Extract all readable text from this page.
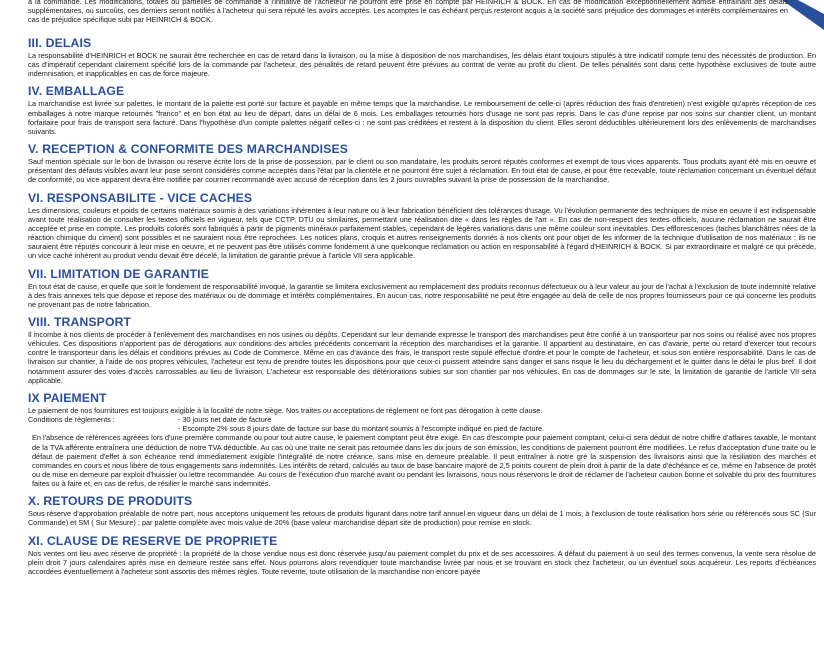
à la commande. Les modifications, totales ou partielles de commande à l'initiative de l'acheteur ne pourront être prise en compte par HEINRICH & BOCK. En cas de modification exceptionnellement admise entraînant des délais supplémentaires, ou surcoûts, ces derniers seront notifiés à l'acheteur qui sera réputé les avoirs acceptés. Les acomptes le cas échéant perçus resteront acquis à la société sans préjudice des dommages et intérêts complémentaires en cas de préjudice spécifique subi par HEINRICH & BOCK.

III. DELAIS

La responsabilité d'HEINRICH et BOCK ne saurait être recherchée en cas de retard dans la livraison, ou la mise à disposition de nos marchandises, les délais étant toujours stipulés à titre indicatif compte tenu des nécessités de production. En cas d'impératif cependant clairement spécifié lors de la commande par l'acheteur, des pénalités de retard peuvent être prévues au contrat de vente au profit du client. De telles pénalités sont dans cette hypothèse exclusives de toute autre indemnisation, et inapplicables en cas de force majeure.

IV. EMBALLAGE

La marchandise est livrée sur palettes, le montant de la palette est porté sur facture et payable en même temps que la marchandise. Le remboursement de celle-ci (après réduction des frais d'entretien) n'est exigible qu'après réception de ces emballages à notre marque retournés "franco" et en bon état au lieu de départ, dans un délai de 6 mois. Les emballages retournés hors d'usage ne sont pas repris. Dans le cas d'une reprise par nos soins sur chantier client, un montant forfaitaire pour frais de transport sera facturé. Dans l'hypothèse d'un compte palettes négatif celles-ci : ne sont pas créditées et restent à la disposition du client. Elles seront déductibles ultérieurement lors des enlèvements de marchandises suivants.

V. RECEPTION & CONFORMITE DES MARCHANDISES

Sauf mention spéciale sur le bon de livraison ou réserve écrite lors de la prise de possession, par le client ou son mandataire, les produits seront réputés conformes et exempt de tous vices apparents. Tous produits ayant été mis en oeuvre et présentant des défauts visibles avant leur pose seront considérés comme acceptés dans l'état par la clientèle et ne pourront être sujet à réclamation. En tout état de cause, et pour être recevable, toute réclamation concernant un éventuel défaut de conformité, ou vice apparent devra être notifiée par courrier recommandé avec accusé de réception dans les 2 jours ouvrables suivant la prise de possession de la marchandise.

VI. RESPONSABILITE - VICE CACHES

Les dimensions, couleurs et poids de certains matériaux soumis à des variations inhérentes à leur nature ou à leur fabrication bénéficient des tolérances d'usage. Vu l'évolution permanente des techniques de mise en oeuvre il est indispensable avant toute réalisation de consulter les textes officiels en vigueur, tels que CCTP, DTU ou similaires, permettant une réalisation dite « dans les règles de l'art ». En cas de non-respect des textes officiels, aucune réclamation ne saurait être acceptée et prise en compte. Les produits colorés sont fabriqués à partir de pigments minéraux parfaitement stables, cependant de légères variations dans une même couleur sont inévitables. Des efflorescences (taches blanchâtres nées de la réaction chimique du ciment) sont possibles et ne sauraient nous être reprochées. Les notices plans, croquis et autres renseignements donnés à nos clients ont pour objet de les informer de la technique d'utilisation de nos matériaux : ils ne sauraient être réputés concourir à leur mise en oeuvre, et ne peuvent pas être utilisés comme fondement à une quelconque réclamation ou action en responsabilité à l'égard d'HEINRICH & BOCK. Si par extraordinaire et malgré ce qui précède, un vice caché inhérent au produit vendu devait être décelé, la limitation de garantie prévue à l'article VII sera applicable.

VII. LIMITATION DE GARANTIE

En tout état de cause, et quelle que soit le fondement de responsabilité invoqué, la garantie se limitera exclusivement au remplacement des produits reconnus défectueux ou à leur valeur au jour de l'achat à l'exclusion de toute indemnité relative à des frais annexes tels que dépose et repose des matériaux ou de dommage et intérêts complémentaires. En aucun cas, notre responsabilité ne peut être engagée au delà de celle de nos propres fournisseurs pour ce qui concerne les produits ne provenant pas de notre fabrication.

VIII. TRANSPORT

Il incombe à nos clients de procéder à l'enlèvement des marchandises en nos usines ou dépôts. Cependant sur leur demande expresse le transport des marchandises peut être confié à un transporteur par nos soins ou réalisé avec nos propres véhicules. Ces dispositions n'apportent pas de dérogations aux conditions des articles précédents concernant la réception des marchandises et la garantie. Il appartient au destinataire, en cas d'avarie, perte ou retard d'exercer tout recours contre le transporteur dans les délais et conditions prévues au Code de Commerce. Même en cas d'avance des frais, le transport reste stipulé effectué d'ordre et pour le compte de l'acheteur, et sous son entière responsabilité. Dans le cas de livraison sur chantier, à l'aide de nos propres véhicules, l'acheteur est tenu de prendre toutes les dispositions pour que ceux-ci puissent atteindre sans danger et sans risque le lieu du déchargement et le quitter dans le délai le plus bref. Il doit notamment assurer des voies d'accès carrossables au lieu de livraison. L'acheteur est responsable des détériorations subies sur son chantier par nos véhicules. En cas de dommages sur le site, la limitation de garantie de l'article VII sera applicable.

IX PAIEMENT

Le paiement de nos fournitures est toujours exigible à la localité de notre siège. Nos traites ou acceptations de règlement ne font pas dérogation à cette clause.

Conditions de règlements :	- 30 jours net date de facture
- Escompte 2% sous 8 jours date de facture sur base du montant soumis à l'escompte indiqué en pied de facture.

En l'absence de références agréées lors d'une première commande ou pour tout autre cause, le paiement comptant peut être exigé. En cas d'escompte pour paiement comptant, celui-ci sera déduit de notre chiffre d'affaires taxable, le montant de la TVA afférente entraînera une déduction de notre TVA déductible. Au cas où une traite ne serait pas retournée dans les dix jours de son émission, les conditions de paiement pourront être modifiées. Le refus d'acceptation d'une traite ou le défaut de paiement d'effet à son échéance rend immédiatement exigible l'intégralité de notre créance, sans mise en demeure préalable. Il peut entraîner à notre gré la suspension des livraisons ainsi que la résiliation des marchés et commandes en cours et nous libère de tous engagements sans indemnités. Les intérêts de retard, calculés au taux de base bancaire majoré de 2,5 points courent de plein droit à partir de la date d'échéance et ce, même en l'absence de protêt ou de mise en demeure par exploit d'huissier ou lettre recommandée. Au cours de l'exécution d'un marché avant ou pendant les livraisons, nous nous réservons le droit de réclamer de l'acheteur caution bonne et solvable du prix des fournitures faites ou à faire et, en cas de refus, de résilier le marché sans indemnités.

X. RETOURS DE PRODUITS

Sous réserve d'approbation préalable de notre part, nous acceptons uniquement les retours de produits figurant dans notre tarif annuel en vigueur dans un délai de 1 mois, à l'exclusion de toute réalisation hors série ou référencés sous SC (Sur Commande) et SM ( Sur Mesure) ; par palette complète avec mois value de 20% (base valeur marchandise départ site de production) pour remise en stock.

XI. CLAUSE DE RESERVE DE PROPRIETE

Nos ventes ont lieu avec réserve de propriété : la propriété de la chose vendue nous est donc réservée jusqu'au paiement complet du prix et de ses accessoires. A défaut du paiement à un seul des termes convenus, la vente sera résolue de plein droit 7 jours calendaires après mise en demeure restée sans effet. Nous pourrons alors revendiquer toute marchandise livrée par nous et se trouvant en stock chez l'acheteur, ou un éventuel sous acquéreur. Les reports d'échéances accordées éventuellement à l'acheteur sont assortis des mêmes règles. Toute revente, toute utilisation de la marchandise non encore payée
